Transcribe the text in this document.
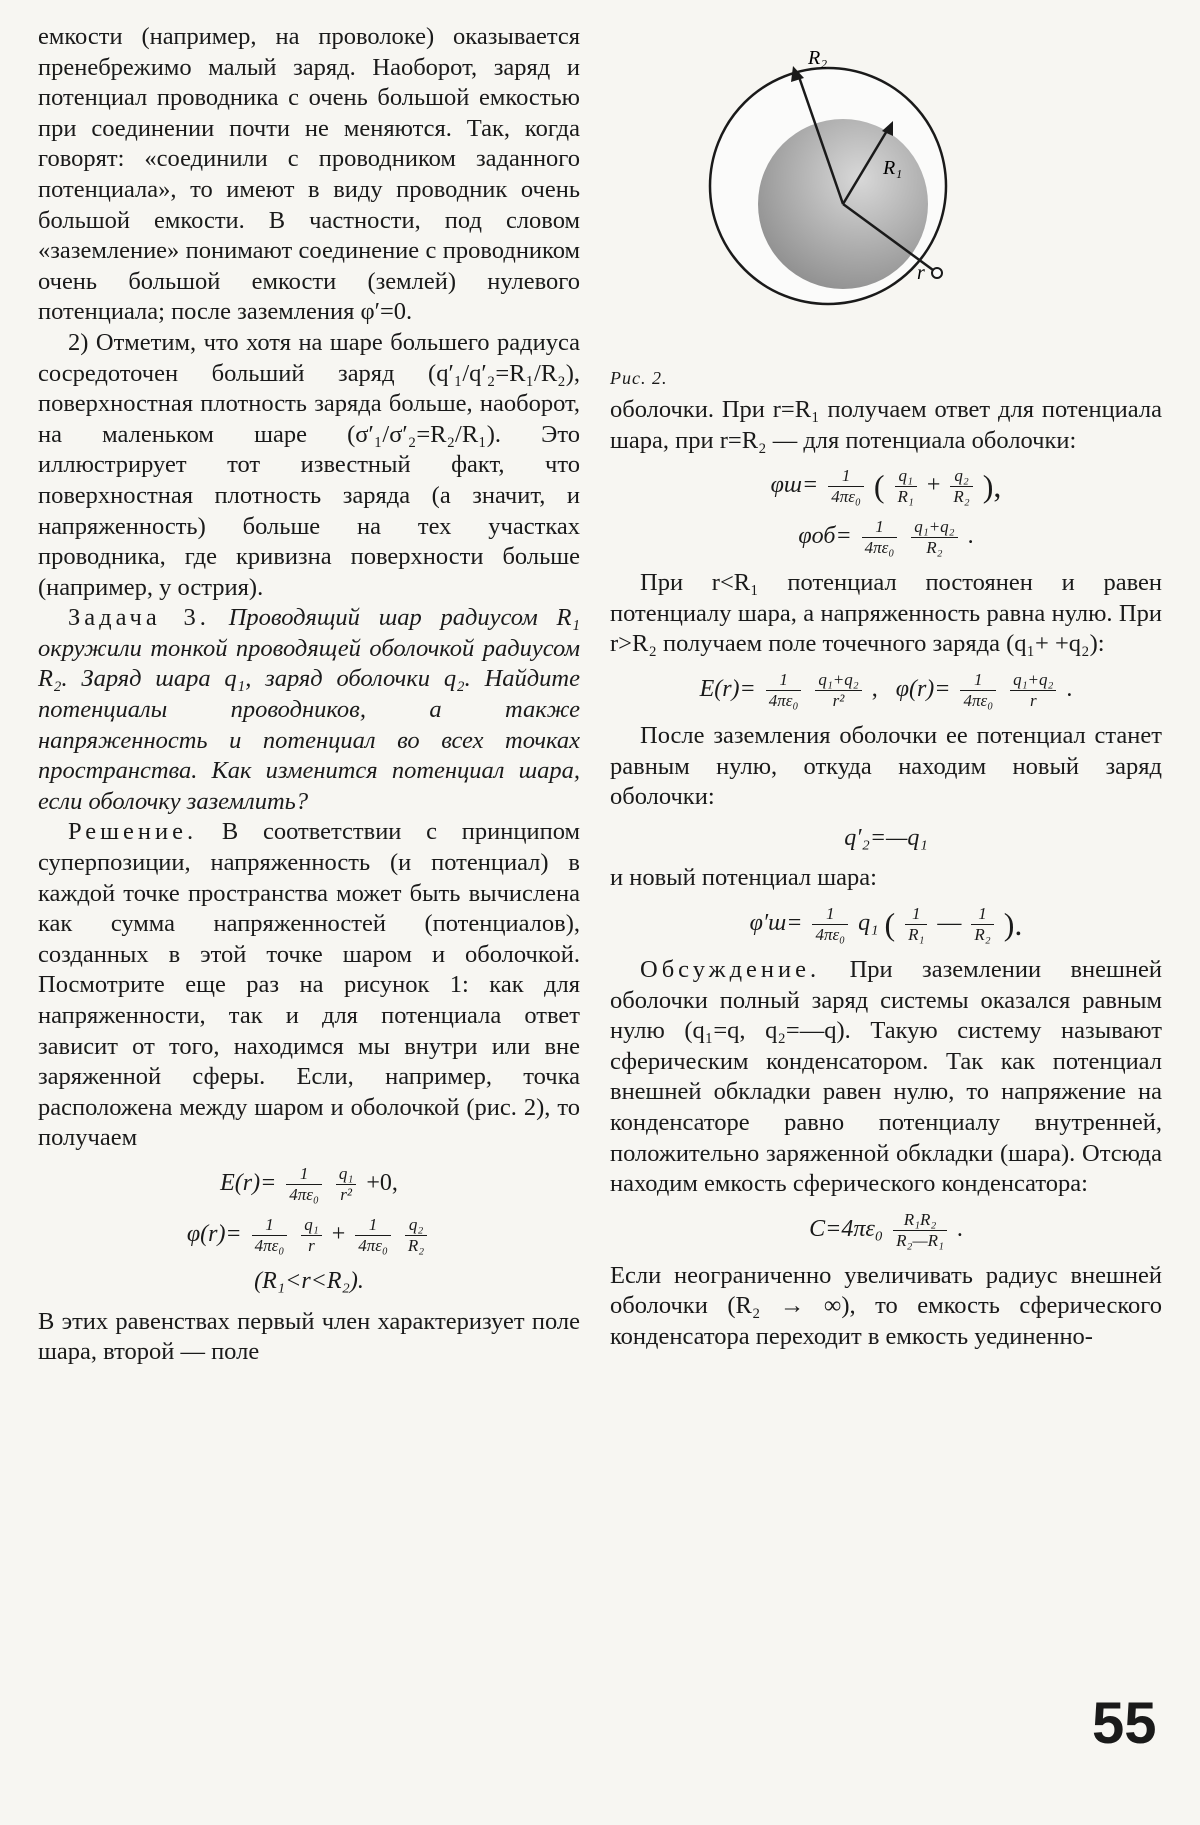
емкости (например, на проволоке) оказывается пренебрежимо малый заряд. Наоборот, заряд и потенциал проводника с очень большой емкостью при соединении почти не меняются. Так, когда говорят: «соединили с проводником заданного потенциала», то имеют в виду проводник очень большой емкости. В частности, под словом «заземление» понимают соединение с проводником очень большой емкости (землей) нулевого потенциала; после заземления φ′=0.

2) Отметим, что хотя на шаре большего радиуса сосредоточен больший заряд (q′₁/q′₂=R₁/R₂), поверхностная плотность заряда больше, наоборот, на маленьком шаре (σ′₁/σ′₂=R₂/R₁). Это иллюстрирует тот известный факт, что поверхностная плотность заряда (а значит, и напряженность) больше на тех участках проводника, где кривизна поверхности больше (например, у острия).

Задача 3. Проводящий шар радиусом R₁ окружили тонкой проводящей оболочкой радиусом R₂. Заряд шара q₁, заряд оболочки q₂. Найдите потенциалы проводников, а также напряженность и потенциал во всех точках пространства. Как изменится потенциал шара, если оболочку заземлить?

Решение. В соответствии с принципом суперпозиции, напряженность (и потенциал) в каждой точке пространства может быть вычислена как сумма напряженностей (потенциалов), созданных в этой точке шаром и оболочкой. Посмотрите еще раз на рисунок 1: как для напряженности, так и для потенциала ответ зависит от того, находимся мы внутри или вне заряженной сферы. Если, например, точка расположена между шаром и оболочкой (рис. 2), то получаем

$E(r)= \frac{1}{\text{4πε₀}}$
$\frac{\text{q₁}}{\text{r²}} +0$,
$\varphi(r)= \frac{1}{\text{4πε₀}}$
$\frac{\text{q₁}}{r} + \frac{1}{\text{4πε₀}}$
$\frac{\text{q₂}}{\text{R₂}}$
(R₁<r<R₂).

В этих равенствах первый член характеризует поле шара, второй — поле

R₂
R₁
r
Рис. 2.

оболочки. При r=R₁ получаем ответ для потенциала шара, при r=R₂ — для потенциала оболочки:

$\varphi ш= \frac{1}{\text{4πε₀}}$ ( $\frac{\text{q₁}}{\text{R₁}} + \frac{\text{q₂}}{\text{R₂}}$ ),
$\varphi об= \frac{1}{\text{4πε₀}}$
$\frac{\text{q₁+q₂}}{\text{R₂}}$ .

При r<R₁ потенциал постоянен и равен потенциалу шара, а напряженность равна нулю. При r>R₂ получаем поле точечного заряда (q₁+ +q₂):

$E(r)= \frac{1}{\text{4πε₀}}$
$\frac{\text{q₁+q₂}}{\text{r²}}$ , $\varphi(r)= \frac{1}{\text{4πε₀}}$
$\frac{\text{q₁+q₂}}{r}$ .

После заземления оболочки ее потенциал станет равным нулю, откуда находим новый заряд оболочки:

q′₂=—q₁

и новый потенциал шара:

$\varphi'ш= \frac{1}{\text{4πε₀}} q_1$ ( $\frac{1}{\text{R₁}}$ — $\frac{1}{\text{R₂}}$ ).

Обсуждение. При заземлении внешней оболочки полный заряд системы оказался равным нулю (q₁=q, q₂=—q). Такую систему называют сферическим конденсатором. Так как потенциал внешней обкладки равен нулю, то напряжение на конденсаторе равно потенциалу внутренней, положительно заряженной обкладки (шара). Отсюда находим емкость сферического конденсатора:

$C=4\pi\varepsilon_0 \frac{\text{R₁R₂}}{\text{R₂—R₁}}$ .

Если неограниченно увеличивать радиус внешней оболочки (R₂ → ∞), то емкость сферического конденсатора переходит в емкость уединенно-

55
